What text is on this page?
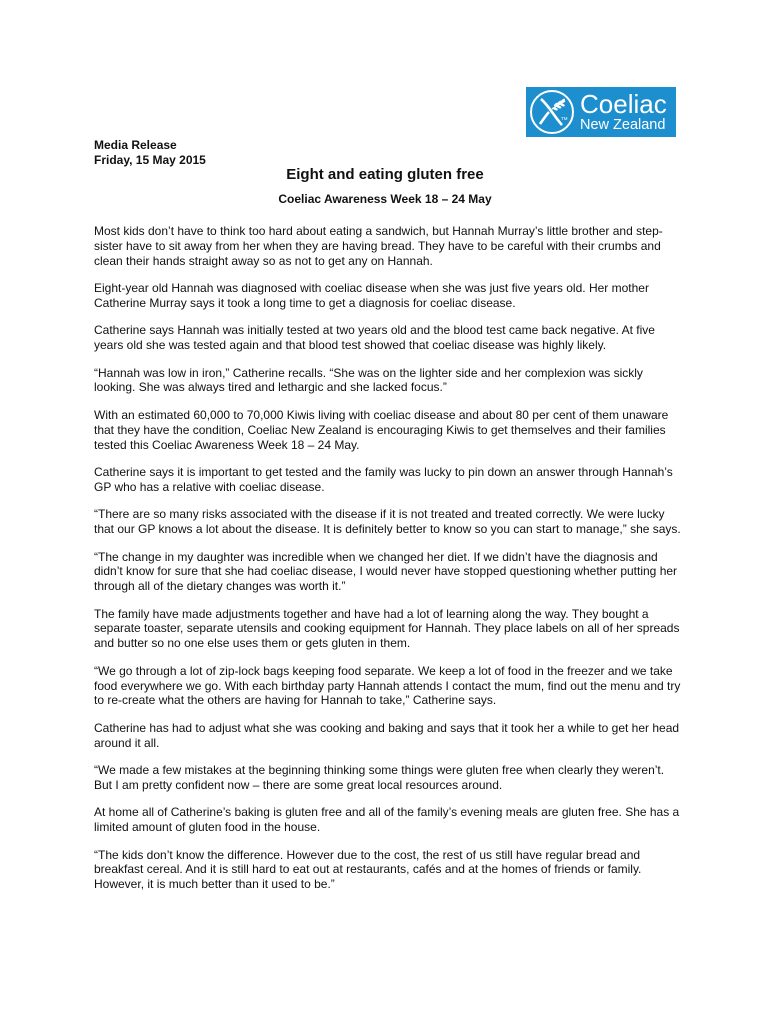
TM Coeliac
New Zealand
Media Release
Friday, 15 May 2015
Eight and eating gluten free
Coeliac Awareness Week 18 – 24 May

Most kids don’t have to think too hard about eating a sandwich, but Hannah Murray’s little brother and step-sister have to sit away from her when they are having bread. They have to be careful with their crumbs and clean their hands straight away so as not to get any on Hannah.

Eight-year old Hannah was diagnosed with coeliac disease when she was just five years old. Her mother Catherine Murray says it took a long time to get a diagnosis for coeliac disease.

Catherine says Hannah was initially tested at two years old and the blood test came back negative. At five years old she was tested again and that blood test showed that coeliac disease was highly likely.

“Hannah was low in iron,” Catherine recalls. “She was on the lighter side and her complexion was sickly looking. She was always tired and lethargic and she lacked focus.”

With an estimated 60,000 to 70,000 Kiwis living with coeliac disease and about 80 per cent of them unaware that they have the condition, Coeliac New Zealand is encouraging Kiwis to get themselves and their families tested this Coeliac Awareness Week 18 – 24 May.

Catherine says it is important to get tested and the family was lucky to pin down an answer through Hannah’s GP who has a relative with coeliac disease.

“There are so many risks associated with the disease if it is not treated and treated correctly. We were lucky that our GP knows a lot about the disease. It is definitely better to know so you can start to manage,” she says.

“The change in my daughter was incredible when we changed her diet. If we didn’t have the diagnosis and didn’t know for sure that she had coeliac disease, I would never have stopped questioning whether putting her through all of the dietary changes was worth it.”

The family have made adjustments together and have had a lot of learning along the way. They bought a separate toaster, separate utensils and cooking equipment for Hannah. They place labels on all of her spreads and butter so no one else uses them or gets gluten in them.

“We go through a lot of zip-lock bags keeping food separate. We keep a lot of food in the freezer and we take food everywhere we go. With each birthday party Hannah attends I contact the mum, find out the menu and try to re-create what the others are having for Hannah to take,” Catherine says.

Catherine has had to adjust what she was cooking and baking and says that it took her a while to get her head around it all.

“We made a few mistakes at the beginning thinking some things were gluten free when clearly they weren’t. But I am pretty confident now – there are some great local resources around.

At home all of Catherine’s baking is gluten free and all of the family’s evening meals are gluten free. She has a limited amount of gluten food in the house.

“The kids don’t know the difference. However due to the cost, the rest of us still have regular bread and breakfast cereal. And it is still hard to eat out at restaurants, cafés and at the homes of friends or family. However, it is much better than it used to be.”
